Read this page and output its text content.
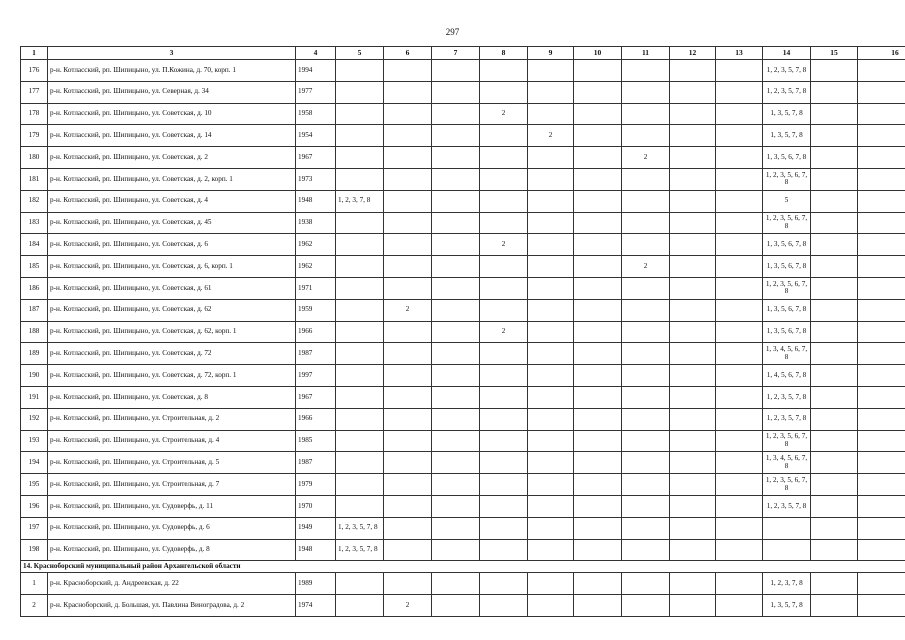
297
1	3	4	5	6	7	8	9	10	11	12	13	14	15	16
176	р-н. Котласский, рп. Шипицыно, ул. П.Кожина, д. 70, корп. 1	1994										1, 2, 3, 5, 7, 8		
177	р-н. Котласский, рп. Шипицыно, ул. Северная, д. 34	1977										1, 2, 3, 5, 7, 8		
178	р-н. Котласский, рп. Шипицыно, ул. Советская, д. 10	1958				2						1, 3, 5, 7, 8		
179	р-н. Котласский, рп. Шипицыно, ул. Советская, д. 14	1954					2					1, 3, 5, 7, 8		
180	р-н. Котласский, рп. Шипицыно, ул. Советская, д. 2	1967							2			1, 3, 5, 6, 7, 8		
181	р-н. Котласский, рп. Шипицыно, ул. Советская, д. 2, корп. 1	1973										1, 2, 3, 5, 6, 7, 8		
182	р-н. Котласский, рп. Шипицыно, ул. Советская, д. 4	1948	1, 2, 3, 7, 8									5		
183	р-н. Котласский, рп. Шипицыно, ул. Советская, д. 45	1938										1, 2, 3, 5, 6, 7, 8		
184	р-н. Котласский, рп. Шипицыно, ул. Советская, д. 6	1962				2						1, 3, 5, 6, 7, 8		
185	р-н. Котласский, рп. Шипицыно, ул. Советская, д. 6, корп. 1	1962							2			1, 3, 5, 6, 7, 8		
186	р-н. Котласский, рп. Шипицыно, ул. Советская, д. 61	1971										1, 2, 3, 5, 6, 7, 8		
187	р-н. Котласский, рп. Шипицыно, ул. Советская, д. 62	1959		2								1, 3, 5, 6, 7, 8		
188	р-н. Котласский, рп. Шипицыно, ул. Советская, д. 62, корп. 1	1966				2						1, 3, 5, 6, 7, 8		
189	р-н. Котласский, рп. Шипицыно, ул. Советская, д. 72	1987										1, 3, 4, 5, 6, 7, 8		
190	р-н. Котласский, рп. Шипицыно, ул. Советская, д. 72, корп. 1	1997										1, 4, 5, 6, 7, 8		
191	р-н. Котласский, рп. Шипицыно, ул. Советская, д. 8	1967										1, 2, 3, 5, 7, 8		
192	р-н. Котласский, рп. Шипицыно, ул. Строительная, д. 2	1966										1, 2, 3, 5, 7, 8		
193	р-н. Котласский, рп. Шипицыно, ул. Строительная, д. 4	1985										1, 2, 3, 5, 6, 7, 8		
194	р-н. Котласский, рп. Шипицыно, ул. Строительная, д. 5	1987										1, 3, 4, 5, 6, 7, 8		
195	р-н. Котласский, рп. Шипицыно, ул. Строительная, д. 7	1979										1, 2, 3, 5, 6, 7, 8		
196	р-н. Котласский, рп. Шипицыно, ул. Судоверфь, д. 11	1970										1, 2, 3, 5, 7, 8		
197	р-н. Котласский, рп. Шипицыно, ул. Судоверфь, д. 6	1949	1, 2, 3, 5, 7, 8											
198	р-н. Котласский, рп. Шипицыно, ул. Судоверфь, д. 8	1948	1, 2, 3, 5, 7, 8											
14. Красноборский муниципальный район Архангельской области														
1	р-н. Красноборский, д. Андреевская, д. 22	1989										1, 2, 3, 7, 8		
2	р-н. Красноборский, д. Большая, ул. Павлина Виноградова, д. 2	1974		2								1, 3, 5, 7, 8		
